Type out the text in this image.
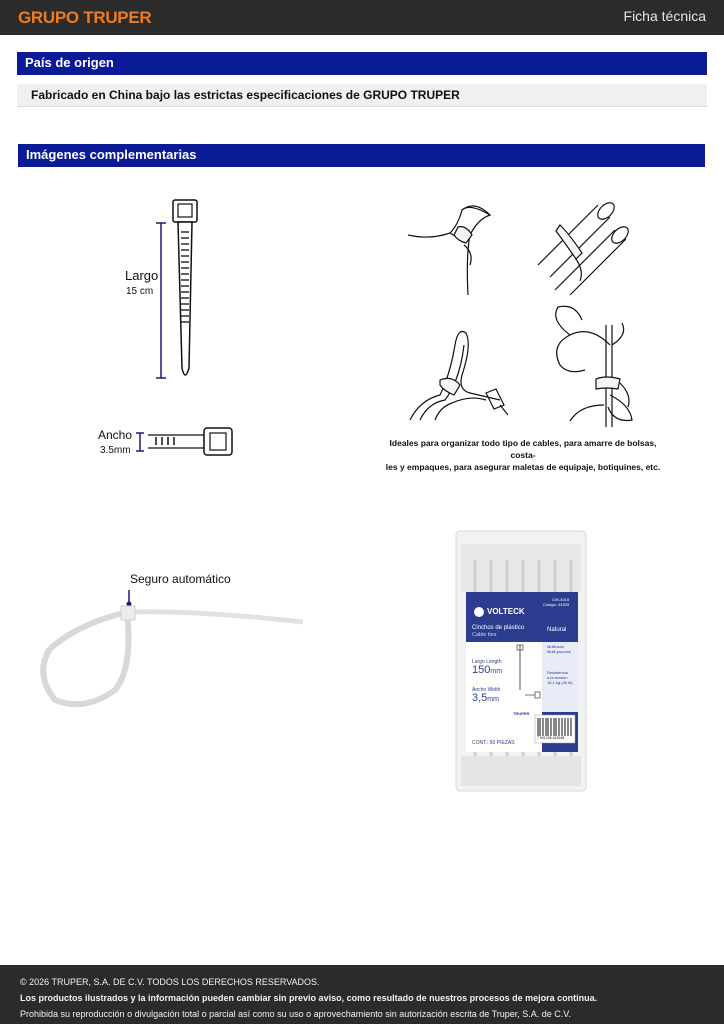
GRUPO TRUPER	Ficha técnica
País de origen
Fabricado en China bajo las estrictas especificaciones de GRUPO TRUPER
Imágenes complementarias
Largo
15 cm
Ancho
3.5mm
Ideales para organizar todo tipo de cables, para amarre de bolsas, costa-
les y empaques, para asegurar maletas de equipaje, botiquines, etc.
Seguro automático
VOLTECK
Cinchos de plástico
Cable ties
CIN-4015
Código: 44303
Natural
Multiusos
Multi-purpose
Resistencia
a la tensión
18,1 kg (40 lb)
Largo Length
150mm
Ancho Width
3,5mm
TRUPER
7 501206 443048
CONT.: 50 PIEZAS
© 2026 TRUPER, S.A. DE C.V. TODOS LOS DERECHOS RESERVADOS.
Los productos ilustrados y la información pueden cambiar sin previo aviso, como resultado de nuestros procesos de mejora continua.
Prohibida su reproducción o divulgación total o parcial así como su uso o aprovechamiento sin autorización escrita de Truper, S.A. de C.V.
